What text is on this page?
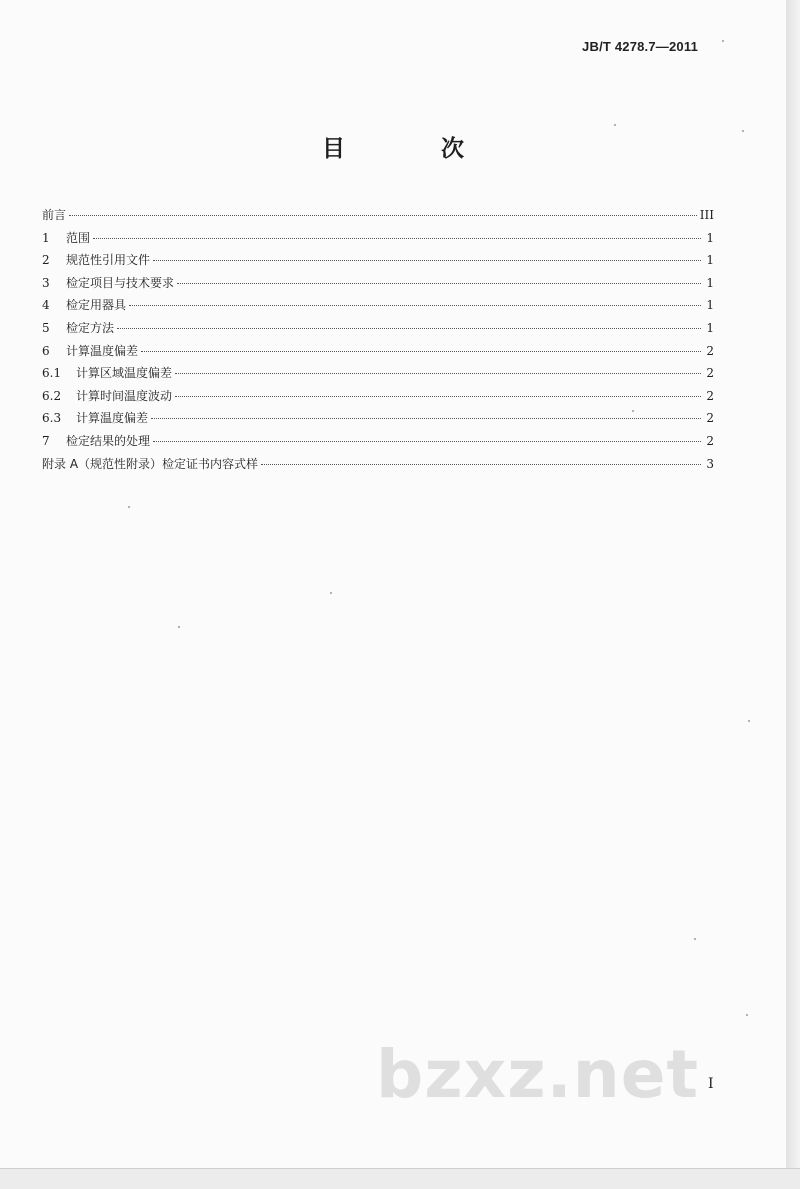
JB/T 4278.7—2011
目 次
前言	III
1	范围	1
2	规范性引用文件	1
3	检定项目与技术要求	1
4	检定用器具	1
5	检定方法	1
6	计算温度偏差	2
6.1	计算区域温度偏差	2
6.2	计算时间温度波动	2
6.3	计算温度偏差	2
7	检定结果的处理	2
附录 A（规范性附录）检定证书内容式样	3
bzxz.net I
